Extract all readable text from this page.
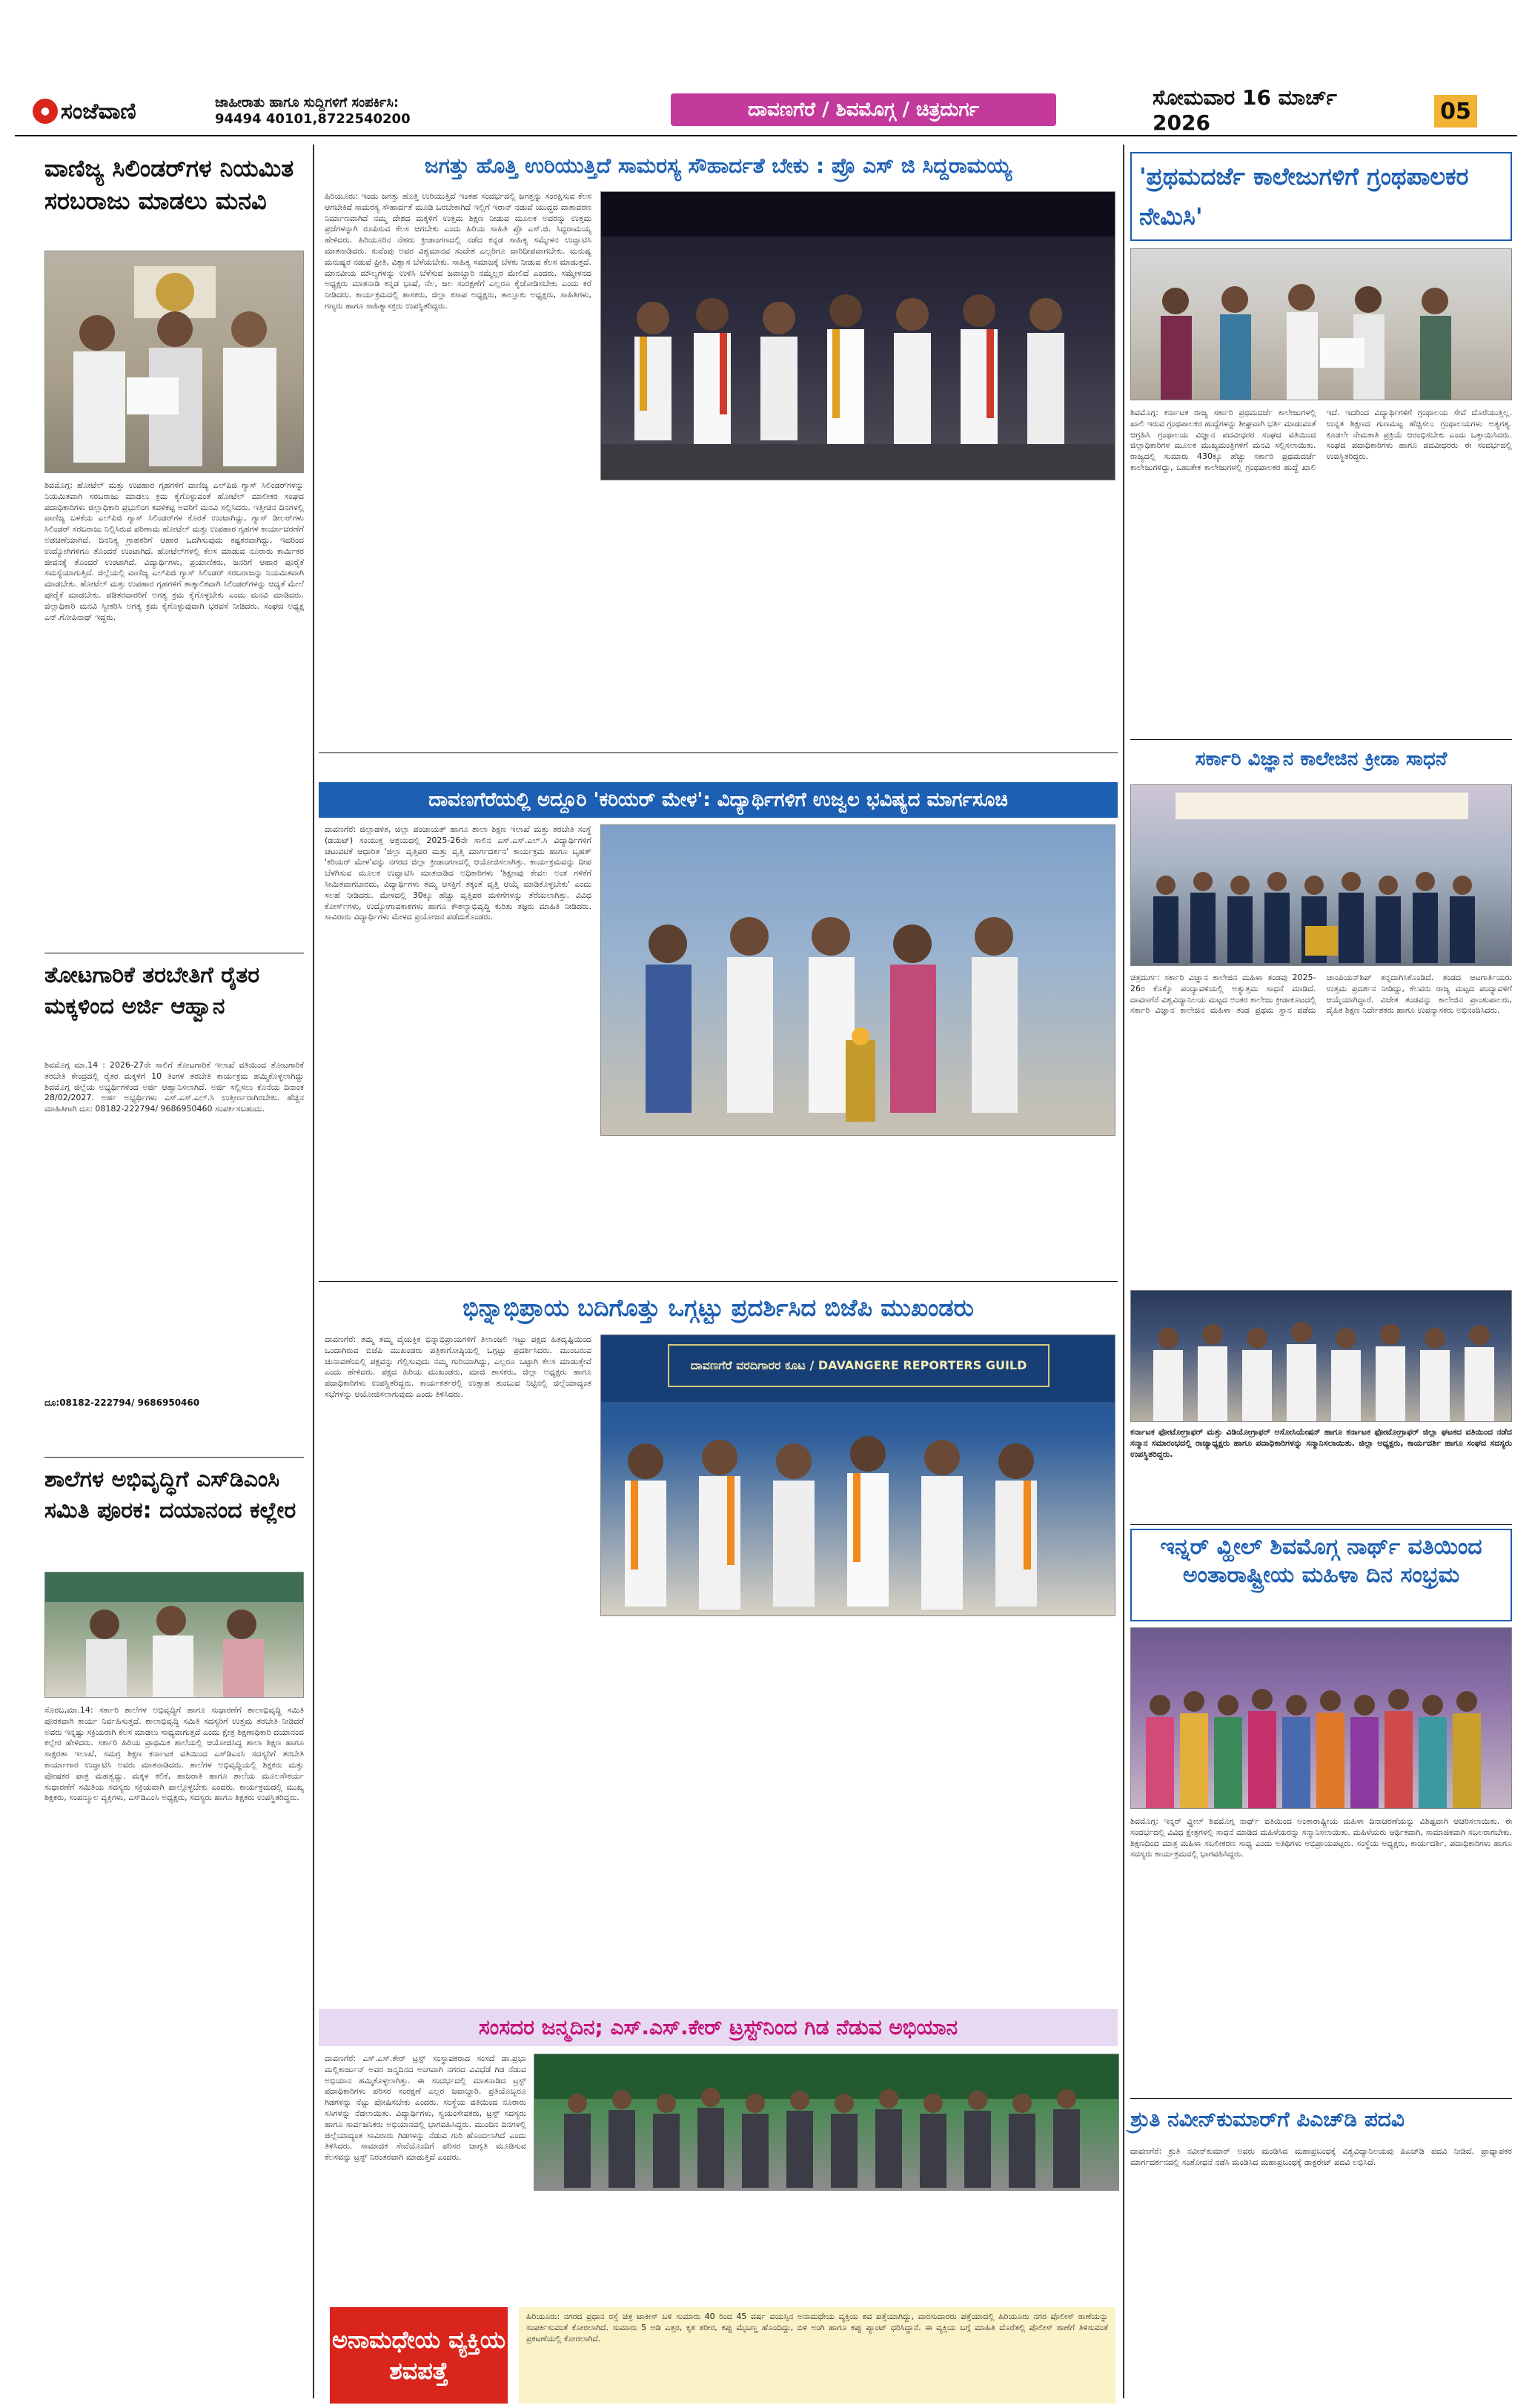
● ಸಂಜೆವಾಣಿ	ಜಾಹೀರಾತು ಹಾಗೂ ಸುದ್ದಿಗಳಿಗೆ ಸಂಪರ್ಕಿಸಿ:
94494 40101,8722540200	ದಾವಣಗೆರೆ / ಶಿವಮೊಗ್ಗ / ಚಿತ್ರದುರ್ಗ	ಸೋಮವಾರ 16 ಮಾರ್ಚ್ 2026	05
ವಾಣಿಜ್ಯ ಸಿಲಿಂಡರ್‌ಗಳ ನಿಯಮಿತ ಸರಬರಾಜು ಮಾಡಲು ಮನವಿ
ಶಿವಮೊಗ್ಗ: ಹೋಟೆಲ್ ಮತ್ತು ಉಪಹಾರ ಗೃಹಗಳಿಗೆ ವಾಣಿಜ್ಯ ಎಲ್‌ಪಿಜಿ ಗ್ಯಾಸ್ ಸಿಲಿಂಡರ್‌ಗಳನ್ನು ನಿಯಮಿತವಾಗಿ ಸರಬರಾಜು ಮಾಡಲು ಕ್ರಮ ಕೈಗೊಳ್ಳುವಂತೆ ಹೋಟೆಲ್ ಮಾಲೀಕರ ಸಂಘದ ಪದಾಧಿಕಾರಿಗಳು ಜಿಲ್ಲಾಧಿಕಾರಿ ಪ್ರಭುಲಿಂಗ ಕವಳಿಕಟ್ಟಿ ಅವರಿಗೆ ಮನವಿ ಸಲ್ಲಿಸಿದರು. ಇತ್ತೀಚಿನ ದಿನಗಳಲ್ಲಿ ವಾಣಿಜ್ಯ ಬಳಕೆಯ ಎಲ್‌ಪಿಜಿ ಗ್ಯಾಸ್ ಸಿಲಿಂಡರ್‌ಗಳ ಕೊರತೆ ಉಂಟಾಗಿದ್ದು, ಗ್ಯಾಸ್ ಡೀಲರ್‌ಗಳು ಸಿಲಿಂಡರ್ ಸರಬರಾಜು ನಿಲ್ಲಿಸಿರುವ ಪರಿಣಾಮ ಹೋಟೆಲ್ ಮತ್ತು ಉಪಹಾರ ಗೃಹಗಳ ಕಾರ್ಯಾಚರಣೆಗೆ ಅಡಚಣೆಯಾಗಿದೆ. ದಿನನಿತ್ಯ ಗ್ರಾಹಕರಿಗೆ ಆಹಾರ ಒದಗಿಸುವುದು ಕಷ್ಟಕರವಾಗಿದ್ದು, ಇದರಿಂದ ಉದ್ಯೋಗಿಗಳಿಗೂ ತೊಂದರೆ ಉಂಟಾಗಿದೆ. ಹೋಟೆಲ್‌ಗಳಲ್ಲಿ ಕೆಲಸ ಮಾಡುವ ನೂರಾರು ಕಾರ್ಮಿಕರ ಜೀವನಕ್ಕೆ ತೊಂದರೆ ಉಂಟಾಗಿದೆ. ವಿದ್ಯಾರ್ಥಿಗಳು, ಪ್ರಯಾಣಿಕರು, ಜನರಿಗೆ ಆಹಾರ ಪೂರೈಕೆ ಸಮಸ್ಯೆಯಾಗುತ್ತಿದೆ. ಜಿಲ್ಲೆಯಲ್ಲಿ ವಾಣಿಜ್ಯ ಎಲ್‌ಪಿಜಿ ಗ್ಯಾಸ್ ಸಿಲಿಂಡರ್ ಸರಬರಾಜನ್ನು ನಿಯಮಿತವಾಗಿ ಮಾಡಬೇಕು. ಹೋಟೆಲ್ ಮತ್ತು ಉಪಹಾರ ಗೃಹಗಳಿಗೆ ತಾತ್ಕಾಲಿಕವಾಗಿ ಸಿಲಿಂಡರ್‌ಗಳನ್ನು ಆದ್ಯತೆ ಮೇಲೆ ಪೂರೈಕೆ ಮಾಡಬೇಕು. ಪಡಿತರದಾರರಿಗೆ ಅಗತ್ಯ ಕ್ರಮ ಕೈಗೊಳ್ಳಬೇಕು ಎಂದು ಮನವಿ ಮಾಡಿದರು. ಜಿಲ್ಲಾಧಿಕಾರಿ ಮನವಿ ಸ್ವೀಕರಿಸಿ ಅಗತ್ಯ ಕ್ರಮ ಕೈಗೊಳ್ಳುವುದಾಗಿ ಭರವಸೆ ನೀಡಿದರು. ಸಂಘದ ಅಧ್ಯಕ್ಷ ಎನ್.ಗೋಪಿನಾಥ್ ಇದ್ದರು.
ತೋಟಗಾರಿಕೆ ತರಬೇತಿಗೆ ರೈತರ ಮಕ್ಕಳಿಂದ ಅರ್ಜಿ ಆಹ್ವಾನ
ಶಿವಮೊಗ್ಗ ಮಾ.14 : 2026-27ನೇ ಸಾಲಿಗೆ ತೋಟಗಾರಿಕೆ ಇಲಾಖೆ ವತಿಯಿಂದ ತೋಟಗಾರಿಕೆ ತರಬೇತಿ ಕೇಂದ್ರದಲ್ಲಿ ರೈತರ ಮಕ್ಕಳಿಗೆ 10 ತಿಂಗಳ ತರಬೇತಿ ಕಾರ್ಯಕ್ರಮ ಹಮ್ಮಿಕೊಳ್ಳಲಾಗಿದ್ದು ಶಿವಮೊಗ್ಗ ಜಿಲ್ಲೆಯ ಅಭ್ಯರ್ಥಿಗಳಿಂದ ಅರ್ಜಿ ಆಹ್ವಾನಿಸಲಾಗಿದೆ. ಅರ್ಜಿ ಸಲ್ಲಿಸಲು ಕೊನೆಯ ದಿನಾಂಕ 28/02/2027. ಅರ್ಹ ಅಭ್ಯರ್ಥಿಗಳು ಎಸ್.ಎಸ್.ಎಲ್.ಸಿ ಉತ್ತೀರ್ಣರಾಗಿರಬೇಕು. ಹೆಚ್ಚಿನ ಮಾಹಿತಿಗಾಗಿ ದೂ: 08182-222794/ 9686950460 ಸಂಪರ್ಕಿಸಬಹುದು.
ದೂ:08182-222794/ 9686950460
ಶಾಲೆಗಳ ಅಭಿವೃದ್ಧಿಗೆ ಎಸ್‌ಡಿಎಂಸಿ ಸಮಿತಿ ಪೂರಕ: ದಯಾನಂದ ಕಲ್ಲೇರ
ಸೊರಬ,ಮಾ.14: ಸರ್ಕಾರಿ ಶಾಲೆಗಳ ಅಭಿವೃದ್ಧಿಗೆ ಹಾಗೂ ಸುಧಾರಣೆಗೆ ಶಾಲಾಭಿವೃದ್ಧಿ ಸಮಿತಿ ಪೂರಕವಾಗಿ ಕಾರ್ಯ ನಿರ್ವಹಿಸುತ್ತದೆ. ಶಾಲಾಭಿವೃದ್ಧಿ ಸಮಿತಿ ಸದಸ್ಯರಿಗೆ ಉತ್ತಮ ತರಬೇತಿ ನೀಡಿದರೆ ಅವರು ಇನ್ನಷ್ಟು ಸಕ್ರಿಯರಾಗಿ ಕೆಲಸ ಮಾಡಲು ಸಾಧ್ಯವಾಗುತ್ತದೆ ಎಂದು ಕ್ಷೇತ್ರ ಶಿಕ್ಷಣಾಧಿಕಾರಿ ದಯಾನಂದ ಕಲ್ಲೇರ ಹೇಳಿದರು. ಸರ್ಕಾರಿ ಹಿರಿಯ ಪ್ರಾಥಮಿಕ ಶಾಲೆಯಲ್ಲಿ ಆಯೋಜಿಸಿದ್ದ ಶಾಲಾ ಶಿಕ್ಷಣ ಹಾಗೂ ಸಾಕ್ಷರತಾ ಇಲಾಖೆ, ಸಮಗ್ರ ಶಿಕ್ಷಣ ಕರ್ನಾಟಕ ವತಿಯಿಂದ ಎಸ್‌ಡಿಎಂಸಿ ಸದಸ್ಯರಿಗೆ ತರಬೇತಿ ಕಾರ್ಯಾಗಾರ ಉದ್ಘಾಟಿಸಿ ಅವರು ಮಾತನಾಡಿದರು. ಶಾಲೆಗಳ ಅಭಿವೃದ್ಧಿಯಲ್ಲಿ ಶಿಕ್ಷಕರು ಮತ್ತು ಪೋಷಕರ ಪಾತ್ರ ಮಹತ್ವದ್ದು. ಮಕ್ಕಳ ಕಲಿಕೆ, ಹಾಜರಾತಿ ಹಾಗೂ ಶಾಲೆಯ ಮೂಲಸೌಕರ್ಯ ಸುಧಾರಣೆಗೆ ಸಮಿತಿಯ ಸದಸ್ಯರು ಸಕ್ರಿಯವಾಗಿ ಪಾಲ್ಗೊಳ್ಳಬೇಕು ಎಂದರು. ಕಾರ್ಯಕ್ರಮದಲ್ಲಿ ಮುಖ್ಯ ಶಿಕ್ಷಕರು, ಸಂಪನ್ಮೂಲ ವ್ಯಕ್ತಿಗಳು, ಎಸ್‌ಡಿಎಂಸಿ ಅಧ್ಯಕ್ಷರು, ಸದಸ್ಯರು ಹಾಗೂ ಶಿಕ್ಷಕರು ಉಪಸ್ಥಿತರಿದ್ದರು.
ಜಗತ್ತು ಹೊತ್ತಿ ಉರಿಯುತ್ತಿದೆ ಸಾಮರಸ್ಯ ಸೌಹಾರ್ದತೆ ಬೇಕು : ಪ್ರೊ ಎಸ್ ಜಿ ಸಿದ್ದರಾಮಯ್ಯ
ಹಿರಿಯೂರು: ಇಂದು ಜಗತ್ತು ಹೊತ್ತಿ ಉರಿಯುತ್ತಿದೆ ಇಂತಹ ಸಂದರ್ಭದಲ್ಲಿ ಜಗತ್ತನ್ನು ಸಂರಕ್ಷಿಸುವ ಕೆಲಸ ಆಗಬೇಕಿದೆ ಸಾಮರಸ್ಯ ಸೌಹಾರ್ದತೆ ಮೂಡಿ ಬರಬೇಕಾಗಿದೆ ಇಲ್ಲಿಗೆ ಇರಾನ್ ನಡುವೆ ಯುದ್ಧದ ವಾತಾವರಣ ನಿರ್ಮಾಣವಾಗಿದೆ ನಮ್ಮ ದೇಶದ ಮಕ್ಕಳಿಗೆ ಉತ್ತಮ ಶಿಕ್ಷಣ ನೀಡುವ ಮೂಲಕ ಅವರನ್ನು ಉತ್ತಮ ಪ್ರಜೆಗಳನ್ನಾಗಿ ರೂಪಿಸುವ ಕೆಲಸ ಆಗಬೇಕು ಎಂದು ಹಿರಿಯ ಸಾಹಿತಿ ಪ್ರೊ ಎಸ್.ಜಿ. ಸಿದ್ದರಾಮಯ್ಯ ಹೇಳಿದರು. ಹಿರಿಯೂರಿನ ನೆಹರು ಕ್ರೀಡಾಂಗಣದಲ್ಲಿ ನಡೆದ ಕನ್ನಡ ಸಾಹಿತ್ಯ ಸಮ್ಮೇಳನ ಉದ್ಘಾಟಿಸಿ ಮಾತನಾಡಿದರು. ಕುವೆಂಪು ಅವರ ವಿಶ್ವಮಾನವ ಸಂದೇಶ ಎಲ್ಲರಿಗೂ ದಾರಿದೀಪವಾಗಬೇಕು. ಮನುಷ್ಯ ಮನುಷ್ಯರ ನಡುವೆ ಪ್ರೀತಿ, ವಿಶ್ವಾಸ ಬೆಳೆಯಬೇಕು. ಸಾಹಿತ್ಯ ಸಮಾಜಕ್ಕೆ ಬೆಳಕು ನೀಡುವ ಕೆಲಸ ಮಾಡುತ್ತದೆ. ಮಾನವೀಯ ಮೌಲ್ಯಗಳನ್ನು ಉಳಿಸಿ ಬೆಳೆಸುವ ಜವಾಬ್ದಾರಿ ನಮ್ಮೆಲ್ಲರ ಮೇಲಿದೆ ಎಂದರು. ಸಮ್ಮೇಳನದ ಅಧ್ಯಕ್ಷರು ಮಾತನಾಡಿ ಕನ್ನಡ ಭಾಷೆ, ನೆಲ, ಜಲ ಸಂರಕ್ಷಣೆಗೆ ಎಲ್ಲರೂ ಕೈಜೋಡಿಸಬೇಕು ಎಂದು ಕರೆ ನೀಡಿದರು. ಕಾರ್ಯಕ್ರಮದಲ್ಲಿ ಶಾಸಕರು, ಜಿಲ್ಲಾ ಕಸಾಪ ಅಧ್ಯಕ್ಷರು, ತಾಲ್ಲೂಕು ಅಧ್ಯಕ್ಷರು, ಸಾಹಿತಿಗಳು, ಗಣ್ಯರು ಹಾಗೂ ಸಾಹಿತ್ಯಾಸಕ್ತರು ಉಪಸ್ಥಿತರಿದ್ದರು.
ದಾವಣಗೆರೆಯಲ್ಲಿ ಅದ್ದೂರಿ 'ಕರಿಯರ್ ಮೇಳ': ವಿದ್ಯಾರ್ಥಿಗಳಿಗೆ ಉಜ್ವಲ ಭವಿಷ್ಯದ ಮಾರ್ಗಸೂಚಿ
ದಾವಣಗೆರೆ: ಜಿಲ್ಲಾಡಳಿತ, ಜಿಲ್ಲಾ ಪಂಚಾಯತ್ ಹಾಗೂ ಶಾಲಾ ಶಿಕ್ಷಣ ಇಲಾಖೆ ಮತ್ತು ತರಬೇತಿ ಸಂಸ್ಥೆ (ಡಯಟ್) ಸಂಯುಕ್ತ ಆಶ್ರಯದಲ್ಲಿ 2025-26ನೇ ಸಾಲಿನ ಎಸ್.ಎಸ್.ಎಲ್.ಸಿ ವಿದ್ಯಾರ್ಥಿಗಳಿಗೆ ಚಟುವಟಿಕೆ ಆಧಾರಿತ 'ಜಿಲ್ಲಾ ವೃತ್ತಿಪರ ಮತ್ತು ವೃತ್ತಿ ಮಾರ್ಗದರ್ಶನ' ಕಾರ್ಯಕ್ರಮ ಹಾಗೂ ಬೃಹತ್ 'ಕರಿಯರ್ ಮೇಳ'ವನ್ನು ನಗರದ ಜಿಲ್ಲಾ ಕ್ರೀಡಾಂಗಣದಲ್ಲಿ ಆಯೋಜಿಸಲಾಗಿತ್ತು. ಕಾರ್ಯಕ್ರಮವನ್ನು ದೀಪ ಬೆಳಗಿಸುವ ಮೂಲಕ ಉದ್ಘಾಟಿಸಿ ಮಾತನಾಡಿದ ಅಧಿಕಾರಿಗಳು 'ಶಿಕ್ಷಣವು ಕೇವಲ ಅಂಕ ಗಳಿಕೆಗೆ ಸೀಮಿತವಾಗಬಾರದು, ವಿದ್ಯಾರ್ಥಿಗಳು ತಮ್ಮ ಆಸಕ್ತಿಗೆ ತಕ್ಕಂತೆ ವೃತ್ತಿ ಆಯ್ಕೆ ಮಾಡಿಕೊಳ್ಳಬೇಕು' ಎಂದು ಸಲಹೆ ನೀಡಿದರು. ಮೇಳದಲ್ಲಿ 30ಕ್ಕೂ ಹೆಚ್ಚು ವೃತ್ತಿಪರ ಮಳಿಗೆಗಳನ್ನು ತೆರೆಯಲಾಗಿತ್ತು. ವಿವಿಧ ಕೋರ್ಸ್‌ಗಳು, ಉದ್ಯೋಗಾವಕಾಶಗಳು ಹಾಗೂ ಕೌಶಲ್ಯಾಭಿವೃದ್ಧಿ ಕುರಿತು ತಜ್ಞರು ಮಾಹಿತಿ ನೀಡಿದರು. ಸಾವಿರಾರು ವಿದ್ಯಾರ್ಥಿಗಳು ಮೇಳದ ಪ್ರಯೋಜನ ಪಡೆದುಕೊಂಡರು.
ಭಿನ್ನಾಭಿಪ್ರಾಯ ಬದಿಗೊತ್ತು ಒಗ್ಗಟ್ಟು ಪ್ರದರ್ಶಿಸಿದ ಬಿಜೆಪಿ ಮುಖಂಡರು
ದಾವಣಗೆರೆ: ತಮ್ಮ ತಮ್ಮ ವೈಯಕ್ತಿಕ ಭಿನ್ನಾಭಿಪ್ರಾಯಗಳಿಗೆ ತಿಲಾಂಜಲಿ ಇಟ್ಟು ಪಕ್ಷದ ಹಿತದೃಷ್ಟಿಯಿಂದ ಒಂದಾಗಿರುವ ಬಿಜೆಪಿ ಮುಖಂಡರು ಪತ್ರಿಕಾಗೋಷ್ಠಿಯಲ್ಲಿ ಒಗ್ಗಟ್ಟು ಪ್ರದರ್ಶಿಸಿದರು. ಮುಂಬರುವ ಚುನಾವಣೆಯಲ್ಲಿ ಪಕ್ಷವನ್ನು ಗೆಲ್ಲಿಸುವುದು ನಮ್ಮ ಗುರಿಯಾಗಿದ್ದು, ಎಲ್ಲರೂ ಒಟ್ಟಾಗಿ ಕೆಲಸ ಮಾಡುತ್ತೇವೆ ಎಂದು ಹೇಳಿದರು. ಪಕ್ಷದ ಹಿರಿಯ ಮುಖಂಡರು, ಮಾಜಿ ಶಾಸಕರು, ಜಿಲ್ಲಾ ಅಧ್ಯಕ್ಷರು ಹಾಗೂ ಪದಾಧಿಕಾರಿಗಳು ಉಪಸ್ಥಿತರಿದ್ದರು. ಕಾರ್ಯಕರ್ತರಲ್ಲಿ ಉತ್ಸಾಹ ತುಂಬುವ ನಿಟ್ಟಿನಲ್ಲಿ ಜಿಲ್ಲೆಯಾದ್ಯಂತ ಸಭೆಗಳನ್ನು ಆಯೋಜಿಸಲಾಗುವುದು ಎಂದು ತಿಳಿಸಿದರು.
ದಾವಣಗೆರೆ ವರದಿಗಾರರ ಕೂಟ / DAVANGERE REPORTERS GUILD
ಸಂಸದರ ಜನ್ಮದಿನ; ಎಸ್.ಎಸ್.ಕೇರ್ ಟ್ರಸ್ಟ್‌ನಿಂದ ಗಿಡ ನೆಡುವ ಅಭಿಯಾನ
ದಾವಣಗೆರೆ: ಎಸ್.ಎಸ್.ಕೇರ್ ಟ್ರಸ್ಟ್ ಸಂಸ್ಥಾಪಕರಾದ ಸಂಸದೆ ಡಾ.ಪ್ರಭಾ ಮಲ್ಲಿಕಾರ್ಜುನ್ ಅವರ ಜನ್ಮದಿನದ ಅಂಗವಾಗಿ ನಗರದ ವಿವಿಧೆಡೆ ಗಿಡ ನೆಡುವ ಅಭಿಯಾನ ಹಮ್ಮಿಕೊಳ್ಳಲಾಗಿತ್ತು. ಈ ಸಂದರ್ಭದಲ್ಲಿ ಮಾತನಾಡಿದ ಟ್ರಸ್ಟ್ ಪದಾಧಿಕಾರಿಗಳು ಪರಿಸರ ಸಂರಕ್ಷಣೆ ಎಲ್ಲರ ಜವಾಬ್ದಾರಿ. ಪ್ರತಿಯೊಬ್ಬರೂ ಗಿಡಗಳನ್ನು ನೆಟ್ಟು ಪೋಷಿಸಬೇಕು ಎಂದರು. ಸಂಸ್ಥೆಯ ವತಿಯಿಂದ ನೂರಾರು ಸಸಿಗಳನ್ನು ನೆಡಲಾಯಿತು. ವಿದ್ಯಾರ್ಥಿಗಳು, ಸ್ವಯಂಸೇವಕರು, ಟ್ರಸ್ಟ್ ಸದಸ್ಯರು ಹಾಗೂ ಸಾರ್ವಜನಿಕರು ಅಭಿಯಾನದಲ್ಲಿ ಭಾಗವಹಿಸಿದ್ದರು. ಮುಂದಿನ ದಿನಗಳಲ್ಲಿ ಜಿಲ್ಲೆಯಾದ್ಯಂತ ಸಾವಿರಾರು ಗಿಡಗಳನ್ನು ನೆಡುವ ಗುರಿ ಹೊಂದಲಾಗಿದೆ ಎಂದು ತಿಳಿಸಿದರು. ಸಾಮಾಜಿಕ ಸೇವೆಯೊಂದಿಗೆ ಪರಿಸರ ಜಾಗೃತಿ ಮೂಡಿಸುವ ಕೆಲಸವನ್ನು ಟ್ರಸ್ಟ್ ನಿರಂತರವಾಗಿ ಮಾಡುತ್ತಿದೆ ಎಂದರು.
ಅನಾಮಧೇಯ ವ್ಯಕ್ತಿಯ ಶವಪತ್ತೆ
ಹಿರಿಯೂರು: ನಗರದ ಪ್ರಧಾನ ರಸ್ತೆ ಚಿತ್ರ ಟಾಕೀಸ್ ಬಳಿ ಸುಮಾರು 40 ರಿಂದ 45 ವರ್ಷ ವಯಸ್ಸಿನ ಅನಾಮಧೇಯ ವ್ಯಕ್ತಿಯ ಶವ ಪತ್ತೆಯಾಗಿದ್ದು, ವಾರಸುದಾರರು ಪತ್ತೆಯಾದಲ್ಲಿ ಹಿರಿಯೂರು ನಗರ ಪೊಲೀಸ್ ಠಾಣೆಯನ್ನು ಸಂಪರ್ಕಿಸುವಂತೆ ಕೋರಲಾಗಿದೆ. ಸುಮಾರು 5 ಅಡಿ ಎತ್ತರ, ಕೃಶ ಶರೀರ, ಕಪ್ಪು ಮೈಬಣ್ಣ ಹೊಂದಿದ್ದು, ಬಿಳಿ ಅಂಗಿ ಹಾಗೂ ಕಪ್ಪು ಪ್ಯಾಂಟ್ ಧರಿಸಿದ್ದಾನೆ. ಈ ವ್ಯಕ್ತಿಯ ಬಗ್ಗೆ ಮಾಹಿತಿ ದೊರೆತಲ್ಲಿ ಪೊಲೀಸ್ ಠಾಣೆಗೆ ತಿಳಿಸುವಂತೆ ಪ್ರಕಟಣೆಯಲ್ಲಿ ಕೋರಲಾಗಿದೆ.
'ಪ್ರಥಮದರ್ಜೆ ಕಾಲೇಜುಗಳಿಗೆ ಗ್ರಂಥಪಾಲಕರ ನೇಮಿಸಿ'
ಶಿವಮೊಗ್ಗ: ಕರ್ನಾಟಕ ರಾಜ್ಯ ಸರ್ಕಾರಿ ಪ್ರಥಮದರ್ಜೆ ಕಾಲೇಜುಗಳಲ್ಲಿ ಖಾಲಿ ಇರುವ ಗ್ರಂಥಪಾಲಕರ ಹುದ್ದೆಗಳನ್ನು ಶೀಘ್ರವಾಗಿ ಭರ್ತಿ ಮಾಡುವಂತೆ ಆಗ್ರಹಿಸಿ ಗ್ರಂಥಾಲಯ ವಿಜ್ಞಾನ ಪದವೀಧರರ ಸಂಘದ ವತಿಯಿಂದ ಜಿಲ್ಲಾಧಿಕಾರಿಗಳ ಮೂಲಕ ಮುಖ್ಯಮಂತ್ರಿಗಳಿಗೆ ಮನವಿ ಸಲ್ಲಿಸಲಾಯಿತು. ರಾಜ್ಯದಲ್ಲಿ ಸುಮಾರು 430ಕ್ಕೂ ಹೆಚ್ಚು ಸರ್ಕಾರಿ ಪ್ರಥಮದರ್ಜೆ ಕಾಲೇಜುಗಳಿದ್ದು, ಬಹುತೇಕ ಕಾಲೇಜುಗಳಲ್ಲಿ ಗ್ರಂಥಪಾಲಕರ ಹುದ್ದೆ ಖಾಲಿ ಇದೆ. ಇದರಿಂದ ವಿದ್ಯಾರ್ಥಿಗಳಿಗೆ ಗ್ರಂಥಾಲಯ ಸೇವೆ ದೊರೆಯುತ್ತಿಲ್ಲ. ಉನ್ನತ ಶಿಕ್ಷಣದ ಗುಣಮಟ್ಟ ಹೆಚ್ಚಿಸಲು ಗ್ರಂಥಾಲಯಗಳು ಅತ್ಯಗತ್ಯ. ಕೂಡಲೇ ನೇಮಕಾತಿ ಪ್ರಕ್ರಿಯೆ ಆರಂಭಿಸಬೇಕು ಎಂದು ಒತ್ತಾಯಿಸಿದರು. ಸಂಘದ ಪದಾಧಿಕಾರಿಗಳು ಹಾಗೂ ಪದವೀಧರರು ಈ ಸಂದರ್ಭದಲ್ಲಿ ಉಪಸ್ಥಿತರಿದ್ದರು.
ಸರ್ಕಾರಿ ವಿಜ್ಞಾನ ಕಾಲೇಜಿನ ಕ್ರೀಡಾ ಸಾಧನೆ
ಚಿತ್ರದುರ್ಗ: ಸರ್ಕಾರಿ ವಿಜ್ಞಾನ ಕಾಲೇಜಿನ ಮಹಿಳಾ ತಂಡವು 2025-26ರ ಕೊಕ್ಕೊ ಪಂದ್ಯಾವಳಿಯಲ್ಲಿ ಅತ್ಯುತ್ತಮ ಸಾಧನೆ ಮಾಡಿದೆ. ದಾವಣಗೆರೆ ವಿಶ್ವವಿದ್ಯಾನಿಲಯ ಮಟ್ಟದ ಅಂತರ ಕಾಲೇಜು ಕ್ರೀಡಾಕೂಟದಲ್ಲಿ ಸರ್ಕಾರಿ ವಿಜ್ಞಾನ ಕಾಲೇಜಿನ ಮಹಿಳಾ ತಂಡ ಪ್ರಥಮ ಸ್ಥಾನ ಪಡೆದು ಚಾಂಪಿಯನ್‌ಶಿಪ್ ತನ್ನದಾಗಿಸಿಕೊಂಡಿದೆ. ತಂಡದ ಆಟಗಾರ್ತಿಯರು ಉತ್ತಮ ಪ್ರದರ್ಶನ ನೀಡಿದ್ದು, ಕೆಲವರು ರಾಜ್ಯ ಮಟ್ಟದ ಪಂದ್ಯಾವಳಿಗೆ ಆಯ್ಕೆಯಾಗಿದ್ದಾರೆ. ವಿಜೇತ ತಂಡವನ್ನು ಕಾಲೇಜಿನ ಪ್ರಾಂಶುಪಾಲರು, ದೈಹಿಕ ಶಿಕ್ಷಣ ನಿರ್ದೇಶಕರು ಹಾಗೂ ಉಪನ್ಯಾಸಕರು ಅಭಿನಂದಿಸಿದರು.
ಕರ್ನಾಟಕ ಫೋಟೋಗ್ರಾಫರ್ ಮತ್ತು ವಿಡಿಯೋಗ್ರಾಫರ್ ಅಸೋಸಿಯೇಷನ್ ಹಾಗೂ ಕರ್ನಾಟಕ ಫೋಟೋಗ್ರಾಫರ್ ಜಿಲ್ಲಾ ಘಟಕದ ವತಿಯಿಂದ ನಡೆದ ಸನ್ಮಾನ ಸಮಾರಂಭದಲ್ಲಿ ರಾಜ್ಯಾಧ್ಯಕ್ಷರು ಹಾಗೂ ಪದಾಧಿಕಾರಿಗಳನ್ನು ಸನ್ಮಾನಿಸಲಾಯಿತು. ಜಿಲ್ಲಾ ಅಧ್ಯಕ್ಷರು, ಕಾರ್ಯದರ್ಶಿ ಹಾಗೂ ಸಂಘದ ಸದಸ್ಯರು ಉಪಸ್ಥಿತರಿದ್ದರು.
ಇನ್ನರ್ ವ್ಹೀಲ್ ಶಿವಮೊಗ್ಗ ನಾರ್ಥ್ ವತಿಯಿಂದ ಅಂತಾರಾಷ್ಟ್ರೀಯ ಮಹಿಳಾ ದಿನ ಸಂಭ್ರಮ
ಶಿವಮೊಗ್ಗ: ಇನ್ನರ್ ವ್ಹೀಲ್ ಶಿವಮೊಗ್ಗ ನಾರ್ಥ್ ವತಿಯಿಂದ ಅಂತಾರಾಷ್ಟ್ರೀಯ ಮಹಿಳಾ ದಿನಾಚರಣೆಯನ್ನು ವಿಶಿಷ್ಟವಾಗಿ ಆಚರಿಸಲಾಯಿತು. ಈ ಸಂದರ್ಭದಲ್ಲಿ ವಿವಿಧ ಕ್ಷೇತ್ರಗಳಲ್ಲಿ ಸಾಧನೆ ಮಾಡಿದ ಮಹಿಳೆಯರನ್ನು ಸನ್ಮಾನಿಸಲಾಯಿತು. ಮಹಿಳೆಯರು ಆರ್ಥಿಕವಾಗಿ, ಸಾಮಾಜಿಕವಾಗಿ ಸಬಲರಾಗಬೇಕು. ಶಿಕ್ಷಣದಿಂದ ಮಾತ್ರ ಮಹಿಳಾ ಸಬಲೀಕರಣ ಸಾಧ್ಯ ಎಂದು ಅತಿಥಿಗಳು ಅಭಿಪ್ರಾಯಪಟ್ಟರು. ಸಂಸ್ಥೆಯ ಅಧ್ಯಕ್ಷರು, ಕಾರ್ಯದರ್ಶಿ, ಪದಾಧಿಕಾರಿಗಳು ಹಾಗೂ ಸದಸ್ಯರು ಕಾರ್ಯಕ್ರಮದಲ್ಲಿ ಭಾಗವಹಿಸಿದ್ದರು.
ಶ್ರುತಿ ನವೀನ್‌ಕುಮಾರ್‌ಗೆ ಪಿಎಚ್‌ಡಿ ಪದವಿ
ದಾವಣಗೆರೆ: ಶ್ರುತಿ ನವೀನ್‌ಕುಮಾರ್ ಅವರು ಮಂಡಿಸಿದ ಮಹಾಪ್ರಬಂಧಕ್ಕೆ ವಿಶ್ವವಿದ್ಯಾನಿಲಯವು ಪಿಎಚ್‌ಡಿ ಪದವಿ ನೀಡಿದೆ. ಪ್ರಾಧ್ಯಾಪಕರ ಮಾರ್ಗದರ್ಶನದಲ್ಲಿ ಸಂಶೋಧನೆ ನಡೆಸಿ ಮಂಡಿಸಿದ ಮಹಾಪ್ರಬಂಧಕ್ಕೆ ಡಾಕ್ಟರೇಟ್ ಪದವಿ ಲಭಿಸಿದೆ.
